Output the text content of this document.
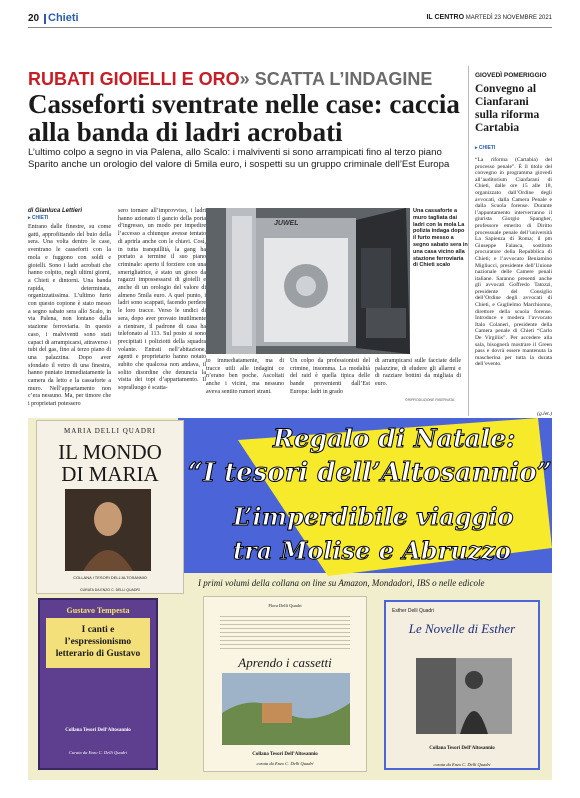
20 Chieti	IL CENTRO MARTEDÌ 23 NOVEMBRE 2021
RUBATI GIOIELLI E ORO» SCATTA L’INDAGINE
Casseforti sventrate nelle case: caccia alla banda di ladri acrobati

L’ultimo colpo a segno in via Palena, allo Scalo: i malviventi si sono arrampicati fino al terzo piano Sparito anche un orologio del valore di 5mila euro, i sospetti su un gruppo criminale dell’Est Europa

di Gianluca Lettieri
▸ CHIETI
Entrano dalle finestre, su come gatti, approfittando del buio della sera. Una volta dentro le case, sventrano le casseforti con la mola e fuggono con soldi e gioielli. Sono i ladri acrobati che hanno colpito, negli ultimi giorni, a Chieti e dintorni. Una banda rapida, determinata, organizzatissima. L’ultimo furto con questo copione è stato messo a segno sabato sera allo Scalo, in via Palena, non lontano dalla stazione ferroviaria. In questo caso, i malviventi sono stati capaci di arrampicarsi, attraverso i tubi del gas, fino al terzo piano di una palazzina. Dopo aver sfondato il vetro di una finestra, hanno puntato immediatamente la camera da letto e la cassaforte a muro. Nell’appartamento non c’era nessuno. Ma, per timore che i proprietari potessero
sero tornare all’improvviso, i ladri hanno azionato il gancio della porta d’ingresso, un modo per impedire l’accesso a chiunque avesse tentato di aprirla anche con le chiavi. Così, in tutta tranquillità, la gang ha portato a termine il suo piano criminale: aperto il forziere con una smerigliatrice, è stato un gioco da ragazzi impossessarsi di gioielli e anche di un orologio del valore di almeno 5mila euro. A quel punto, i ladri sono scappati, facendo perdere le loro tracce. Verso le undici di sera, dopo aver provato inutilmente a rientrare, il padrone di casa ha telefonato al 113. Sul posto si sono precipitati i poliziotti della squadra volante. Entrati nell’abitazione, agenti e proprietario hanno notato subito che qualcosa non andava, il solito disordine che denuncia la visita dei topi d’appartamento. Il sopralluogo è scatta-
JUWEL
Una cassaforte a muro tagliata dai ladri con la mola La polizia indaga dopo il furto messo a segno sabato sera in una casa vicino alla stazione ferroviaria di Chieti scalo
to immediatamente, ma di tracce utili alle indagini ce n’erano ben poche. Ascoltati anche i vicini, ma nessuno aveva sentito rumori strani.
Un colpo da professionisti del crimine, insomma. La modalità del raid è quella tipica delle bande provenienti dall’Est Europa: ladri in grado
di arrampicarsi sulle facciate delle palazzine, di eludere gli allarmi e di razziare bottini da migliaia di euro.
©RIPRODUZIONE RISERVATA
GIOVEDÌ POMERIGGIO
Convegno al Cianfarani sulla riforma Cartabia
▸ CHIETI
“La riforma (Cartabia) del processo penale”. È il titolo del convegno in programma giovedì all’auditorium Cianfarani di Chieti, dalle ore 15 alle 18, organizzato dall’Ordine degli avvocati, dalla Camera Penale e dalla Scuola forense. Durante l’appuntamento interverranno il giurista Giorgio Spangher, professore emerito di Diritto processuale penale dell’università La Sapienza di Roma; il pm Giuseppe Falasca, sostituto procuratore della Repubblica di Chieti; e l’avvocato Beniamino Migliucci, presidente dell’Unione nazionale delle Camere penali italiane. Saranno presenti anche gli avvocati Goffredo Tatozzi, presidente del Consiglio dell’Ordine degli avvocati di Chieti, e Guglielmo Marchionno, direttore della scuola forense. Introduce e modera l’avvocato Italo Colaneri, presidente della Camera penale di Chieti “Carlo De Virgiliis”. Per accedere alla sala, bisognerà mostrare il Green pass e dovrà essere mantenuta la mascherina per tutta la durata dell’evento.
(g.let.)
MARIA DELLI QUADRI
IL MONDO DI MARIA
COLLANA I TESORI DELL’ALTOSANNIO
CURATA DA ENZO C. DELLI QUADRI
Regalo di Natale:
“I tesori dell’Altosannio”
L’imperdibile viaggio
tra Molise e Abruzzo
I primi volumi della collana on line su Amazon, Mondadori, IBS o nelle edicole
Gustavo Tempesta
I canti e l’espressionismo letterario di Gustavo
Collana Tesori Dell’Altosannio
Curata da Enzo C. Delli Quadri
Flora Delli Quadri
Aprendo i cassetti
Collana Tesori Dell’Altosannio
curata da Enzo C. Delli Quadri
Esther Delli Quadri
Le Novelle di Esther
Collana Tesori Dell’Altosannio
curata da Enzo C. Delli Quadri
